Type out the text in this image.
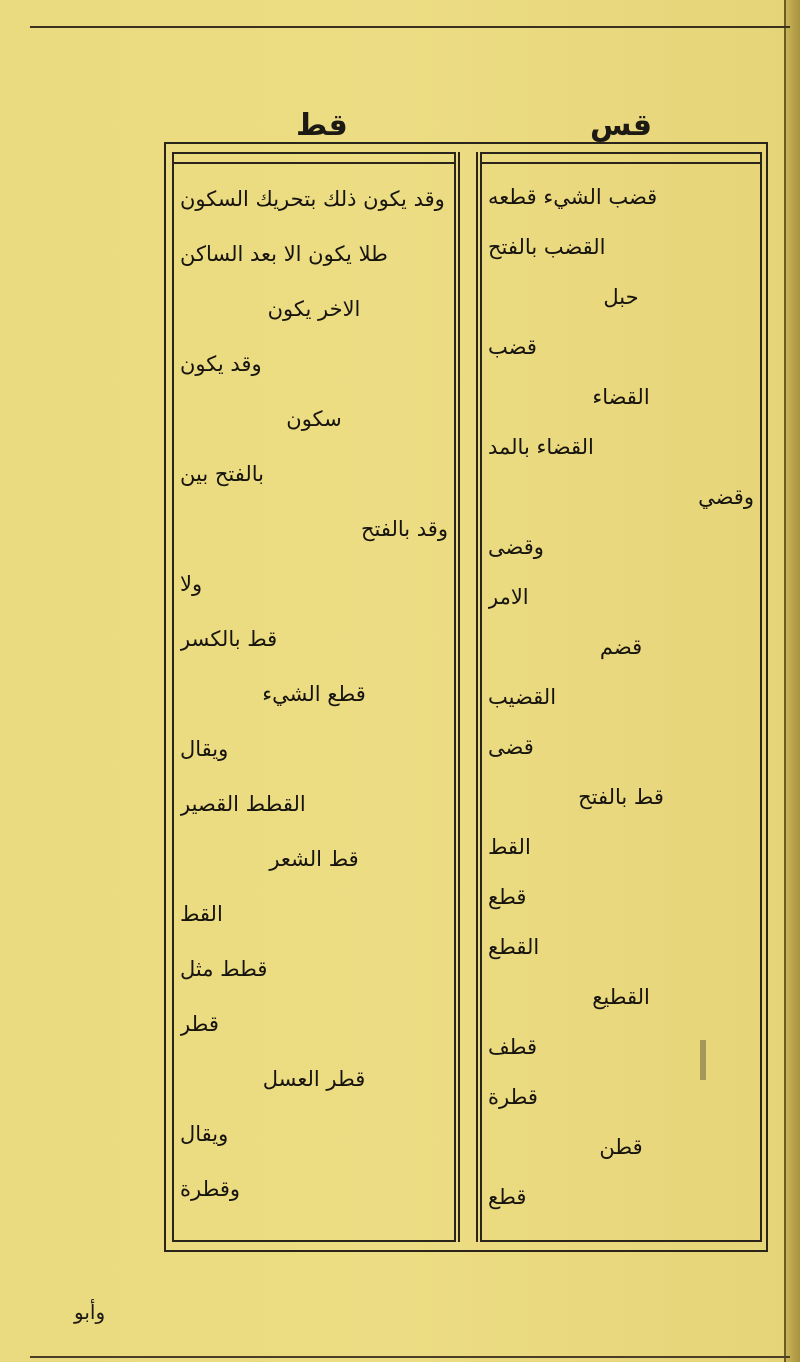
قط	قس
وقد يكون ذلك بتحريك السكون
طلا يكون الا بعد الساكن
الاخر يكون
وقد يكون
سكون
بالفتح بين
وقد بالفتح
ولا
قط بالكسر
قطع الشيء
ويقال
القطط القصير
قط الشعر
القط
قطط مثل
قطر
قطر العسل
ويقال
وقطرة
قضب الشيء قطعه
القضب بالفتح
حبل
قضب
القضاء
القضاء بالمد
وقضي
وقضى
الامر
قضم
القضيب
قضى
قط بالفتح
القط
قطع
القطع
القطيع
قطف
قطرة
قطن
قطع
وأبو
